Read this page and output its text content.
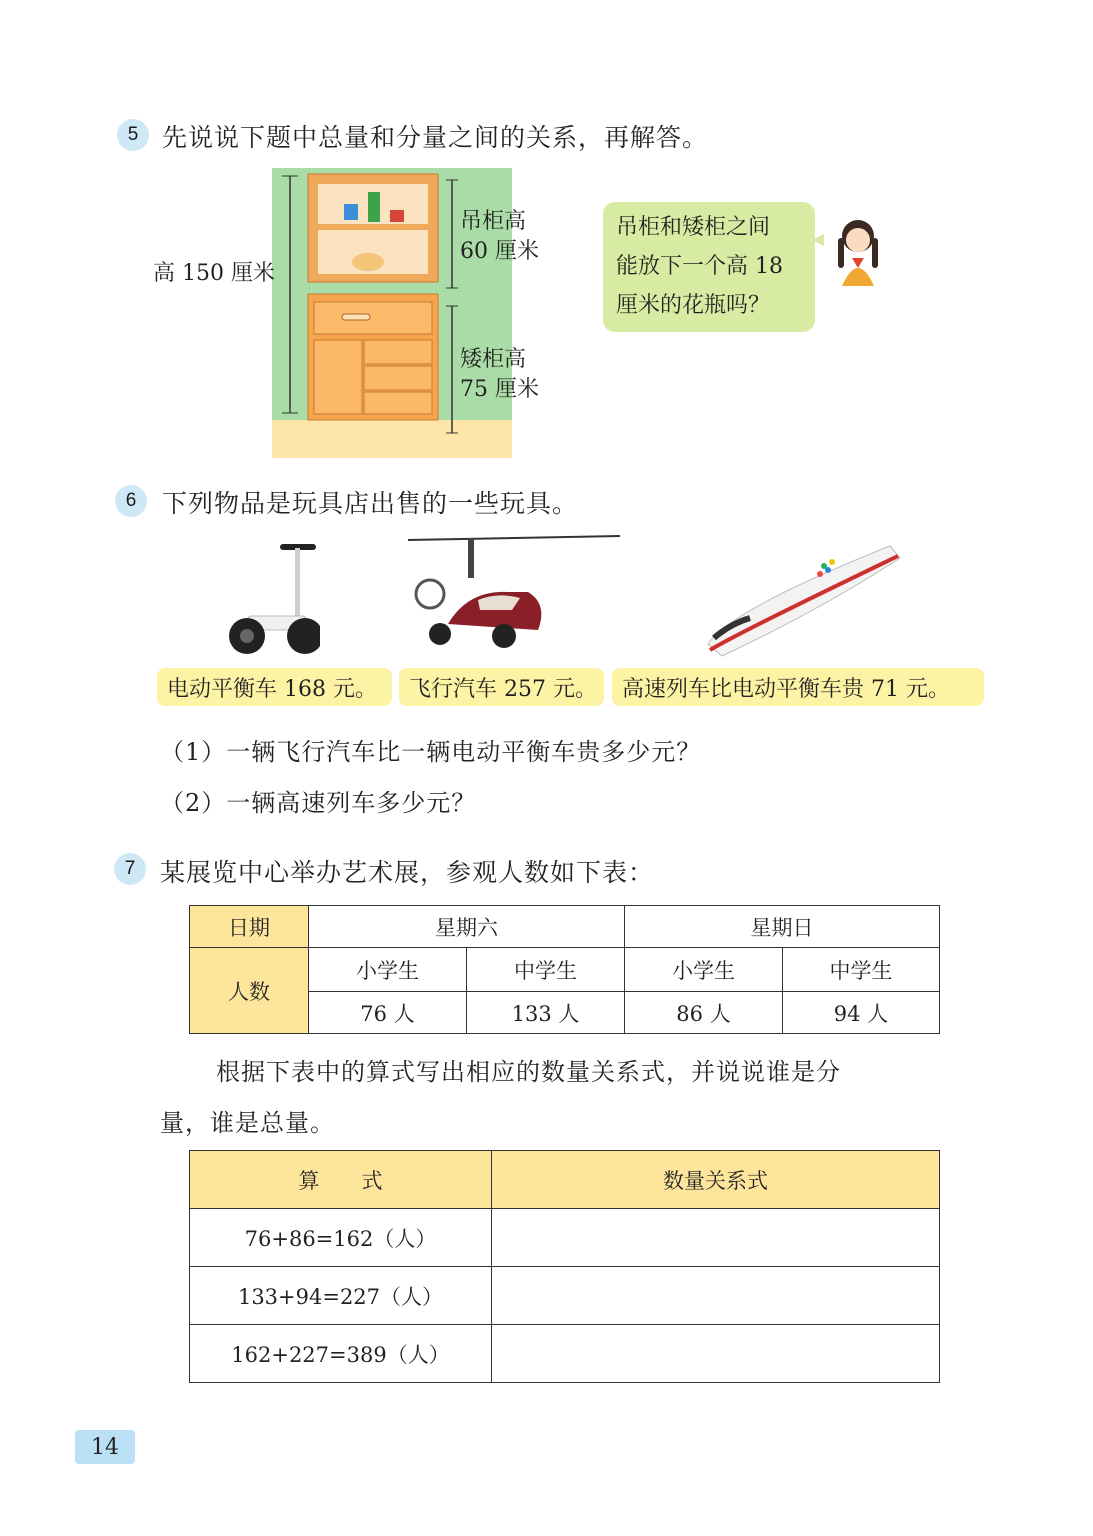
5 先说说下题中总量和分量之间的关系，再解答。
高 150 厘米
吊柜高
60 厘米
矮柜高
75 厘米
吊柜和矮柜之间
能放下一个高 18
厘米的花瓶吗？
6	下列物品是玩具店出售的一些玩具。
电动平衡车 168 元。	飞行汽车 257 元。	高速列车比电动平衡车贵 71 元。
（1）一辆飞行汽车比一辆电动平衡车贵多少元？
（2）一辆高速列车多少元？
7 某展览中心举办艺术展，参观人数如下表：
日期	星期六		星期日	
人数	小学生	中学生	小学生	中学生
	76 人	133 人	86 人	94 人
根据下表中的算式写出相应的数量关系式，并说说谁是分
量，谁是总量。
算　　式	数量关系式
76+86=162（人）	
133+94=227（人）	
162+227=389（人）	
14
